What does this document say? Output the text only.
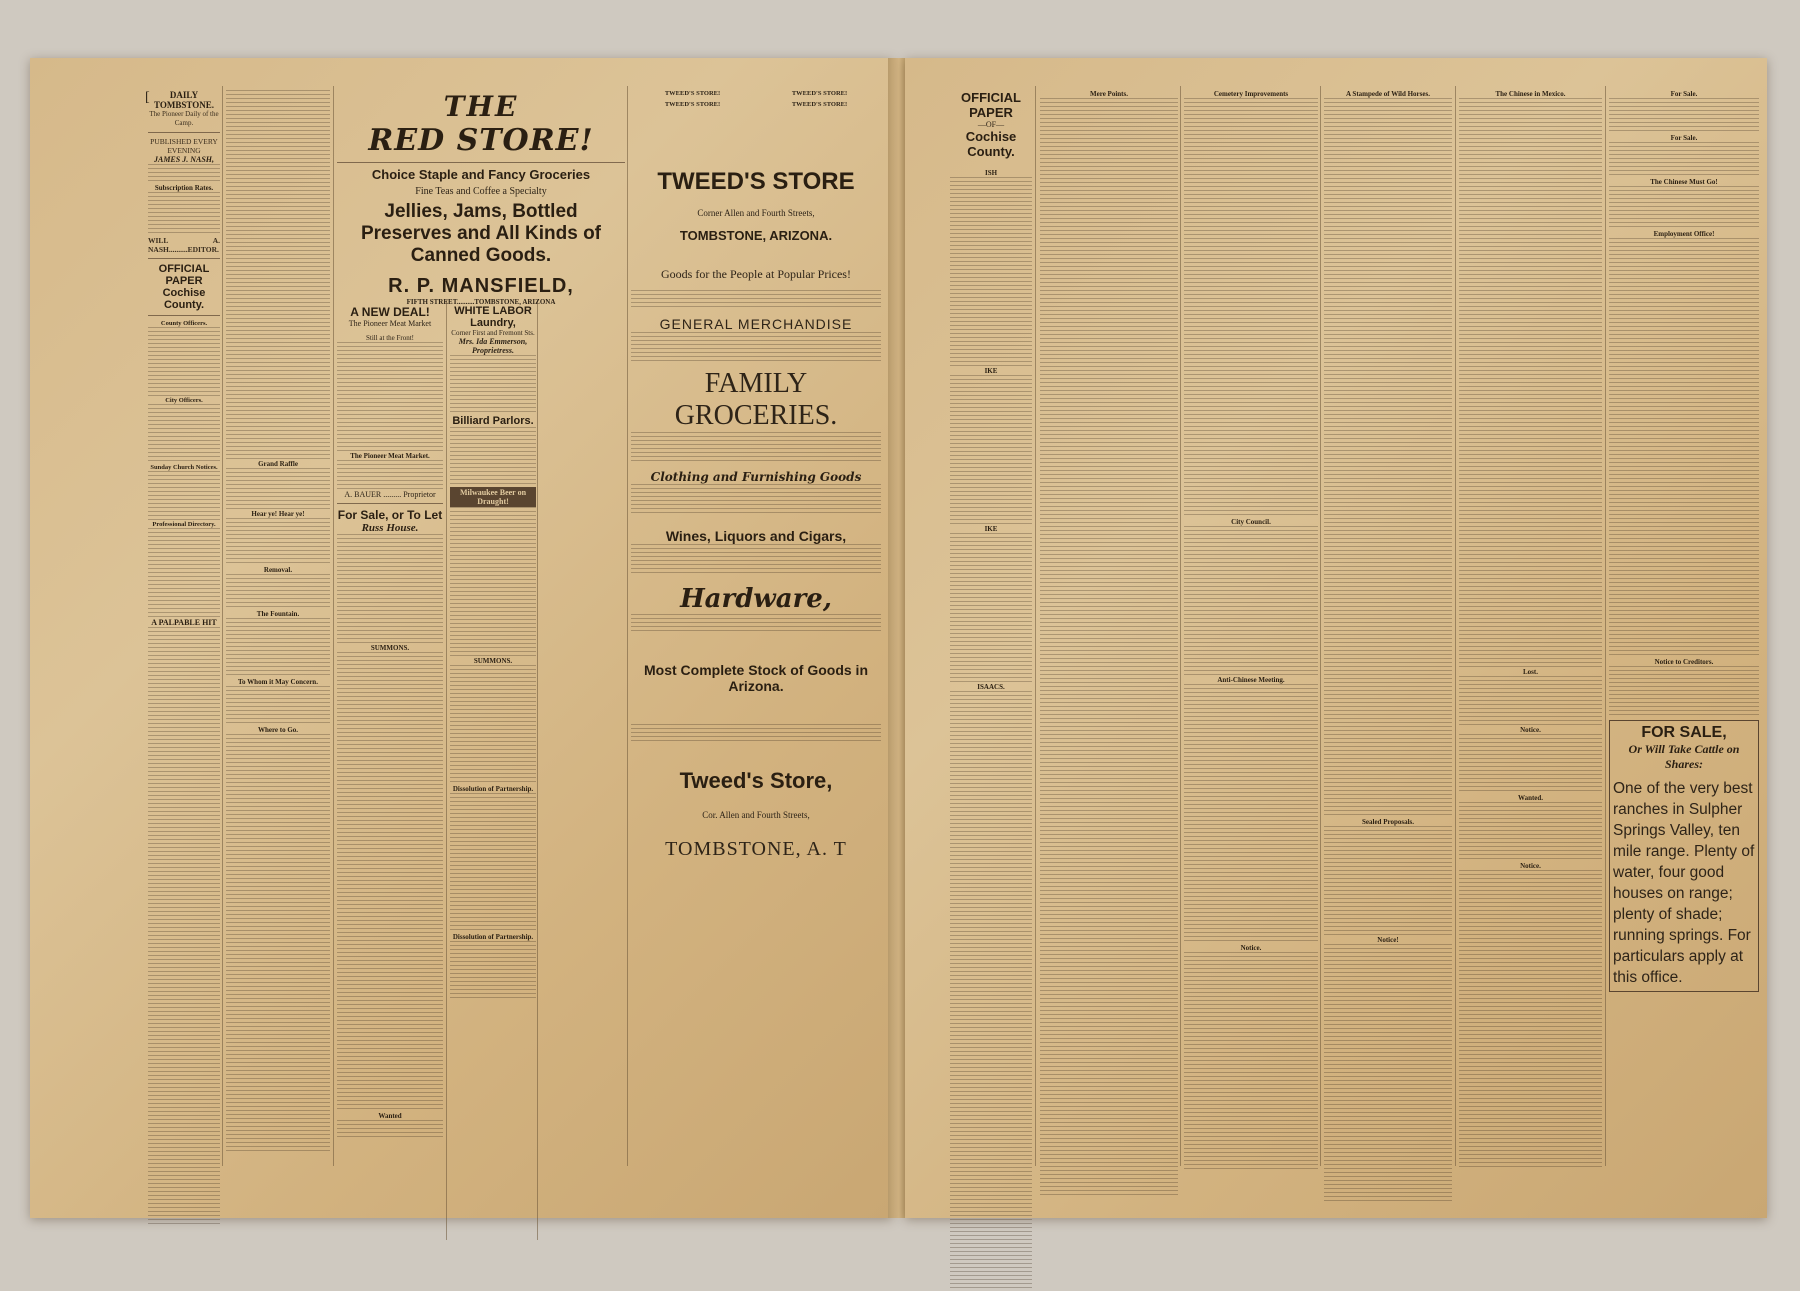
[	DAILY TOMBSTONE.
The Pioneer Daily of the Camp.
PUBLISHED EVERY EVENING
JAMES J. NASH,
Subscription Rates.
WILL A. NASH..........EDITOR.
OFFICIAL PAPER
Cochise County.
County Officers.
City Officers.
Sunday Church Notices.
Professional Directory.
A PALPABLE HIT
Grand Raffle
Hear ye! Hear ye!
Removal.
The Fountain.
To Whom it May Concern.
Where to Go.
THE
RED STORE!
Choice Staple and Fancy Groceries
Fine Teas and Coffee a Specialty
Jellies, Jams, Bottled Preserves and All Kinds of Canned Goods.
R. P. MANSFIELD,
FIFTH STREET..........TOMBSTONE, ARIZONA
A NEW DEAL!
The Pioneer Meat Market
Still at the Front!
The Pioneer Meat Market.
A. BAUER ......... Proprietor
For Sale, or To Let
Russ House.
SUMMONS.
Wanted
WHITE LABOR Laundry,
Corner First and Fremont Sts.
Mrs. Ida Emmerson, Proprietress.
Billiard Parlors.
Milwaukee Beer on Draught!
SUMMONS.
Dissolution of Partnership.
Dissolution of Partnership.
TWEED'S STORE!	TWEED'S STORE!
TWEED'S STORE!	TWEED'S STORE!
TWEED'S STORE
Corner Allen and Fourth Streets,
TOMBSTONE, ARIZONA.
Goods for the People at Popular Prices!
GENERAL MERCHANDISE
FAMILY GROCERIES.
Clothing and Furnishing Goods
Wines, Liquors and Cigars,
Hardware,
Most Complete Stock of Goods in Arizona.
Tweed's Store,
Cor. Allen and Fourth Streets,
TOMBSTONE, A. T
OFFICIAL PAPER
—OF—
Cochise County.
ISH
IKE
IKE
ISAACS.
Mere Points.	Cemetery Improvements
City Council.
Anti-Chinese Meeting.
Notice.
A Stampede of Wild Horses.
Sealed Proposals.
Notice!
The Chinese in Mexico.
Lost.
Notice.
Wanted.
Notice.
For Sale.
For Sale.
The Chinese Must Go!
Employment Office!
Notice to Creditors.
FOR SALE,
Or Will Take Cattle on Shares:
One of the very best ranches in Sulpher Springs Valley, ten mile range. Plenty of water, four good houses on range; plenty of shade; running springs. For particulars apply at this office.
